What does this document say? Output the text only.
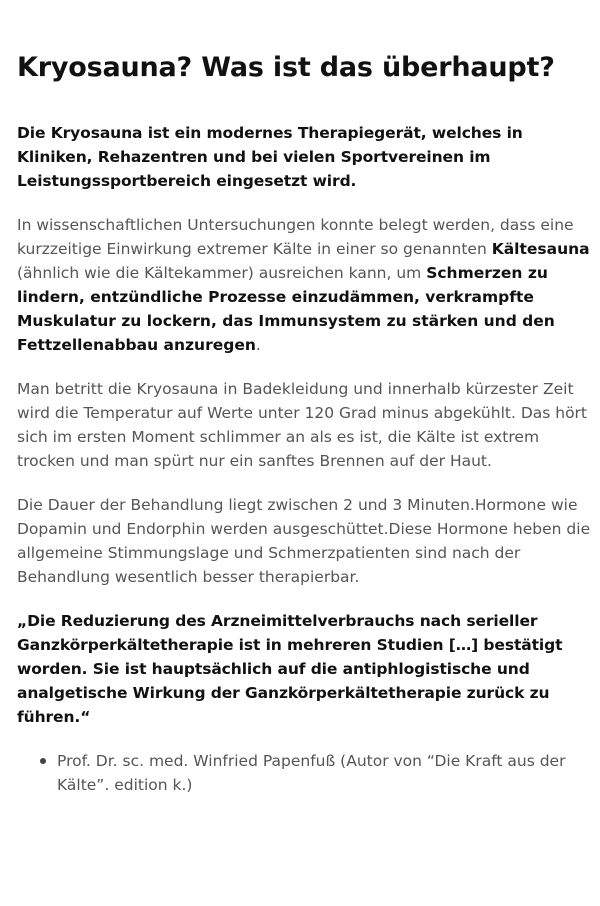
Kryosauna? Was ist das überhaupt?

Die Kryosauna ist ein modernes Therapiegerät, welches in Kliniken, Rehazentren und bei vielen Sportvereinen im Leistungssportbereich eingesetzt wird.

In wissenschaftlichen Untersuchungen konnte belegt werden, dass eine kurzzeitige Einwirkung extremer Kälte in einer so genannten Kältesauna (ähnlich wie die Kältekammer) ausreichen kann, um Schmerzen zu lindern, entzündliche Prozesse einzudämmen, verkrampfte Muskulatur zu lockern, das Immunsystem zu stärken und den Fettzellenabbau anzuregen.

Man betritt die Kryosauna in Badekleidung und innerhalb kürzester Zeit wird die Temperatur auf Werte unter 120 Grad minus abgekühlt. Das hört sich im ersten Moment schlimmer an als es ist, die Kälte ist extrem trocken und man spürt nur ein sanftes Brennen auf der Haut.

Die Dauer der Behandlung liegt zwischen 2 und 3 Minuten.Hormone wie Dopamin und Endorphin werden ausgeschüttet.Diese Hormone heben die allgemeine Stimmungslage und Schmerzpatienten sind nach der Behandlung wesentlich besser therapierbar.

„Die Reduzierung des Arzneimittelverbrauchs nach serieller Ganzkörperkältetherapie ist in mehreren Studien […] bestätigt worden. Sie ist hauptsächlich auf die antiphlogistische und analgetische Wirkung der Ganzkörperkältetherapie zurück zu führen.“

Prof. Dr. sc. med. Winfried Papenfuß (Autor von “Die Kraft aus der Kälte”. edition k.)
